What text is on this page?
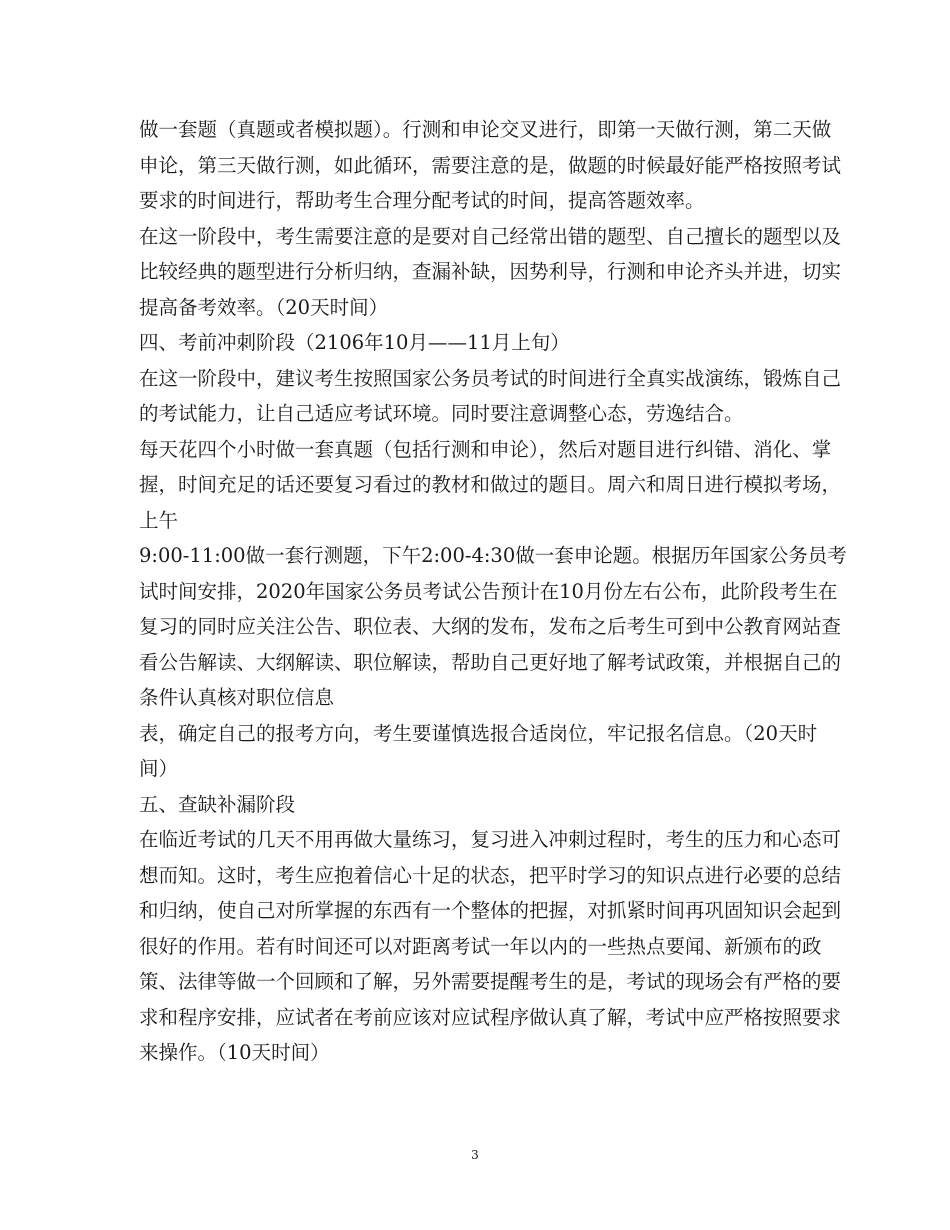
做一套题（真题或者模拟题）。行测和申论交叉进行，即第一天做行测，第二天做
申论，第三天做行测，如此循环，需要注意的是，做题的时候最好能严格按照考试
要求的时间进行，帮助考生合理分配考试的时间，提高答题效率。
在这一阶段中，考生需要注意的是要对自己经常出错的题型、自己擅长的题型以及
比较经典的题型进行分析归纳，查漏补缺，因势利导，行测和申论齐头并进，切实
提高备考效率。（20天时间）
四、考前冲刺阶段（2106年10月——11月上旬）
在这一阶段中，建议考生按照国家公务员考试的时间进行全真实战演练，锻炼自己
的考试能力，让自己适应考试环境。同时要注意调整心态，劳逸结合。
每天花四个小时做一套真题（包括行测和申论），然后对题目进行纠错、消化、掌
握，时间充足的话还要复习看过的教材和做过的题目。周六和周日进行模拟考场，
上午
9:00-11:00做一套行测题，下午2:00-4:30做一套申论题。根据历年国家公务员考
试时间安排，2020年国家公务员考试公告预计在10月份左右公布，此阶段考生在
复习的同时应关注公告、职位表、大纲的发布，发布之后考生可到中公教育网站查
看公告解读、大纲解读、职位解读，帮助自己更好地了解考试政策，并根据自己的
条件认真核对职位信息
表，确定自己的报考方向，考生要谨慎选报合适岗位，牢记报名信息。（20天时
间）
五、查缺补漏阶段
在临近考试的几天不用再做大量练习，复习进入冲刺过程时，考生的压力和心态可
想而知。这时，考生应抱着信心十足的状态，把平时学习的知识点进行必要的总结
和归纳，使自己对所掌握的东西有一个整体的把握，对抓紧时间再巩固知识会起到
很好的作用。若有时间还可以对距离考试一年以内的一些热点要闻、新颁布的政
策、法律等做一个回顾和了解，另外需要提醒考生的是，考试的现场会有严格的要
求和程序安排，应试者在考前应该对应试程序做认真了解，考试中应严格按照要求
来操作。（10天时间）
3
